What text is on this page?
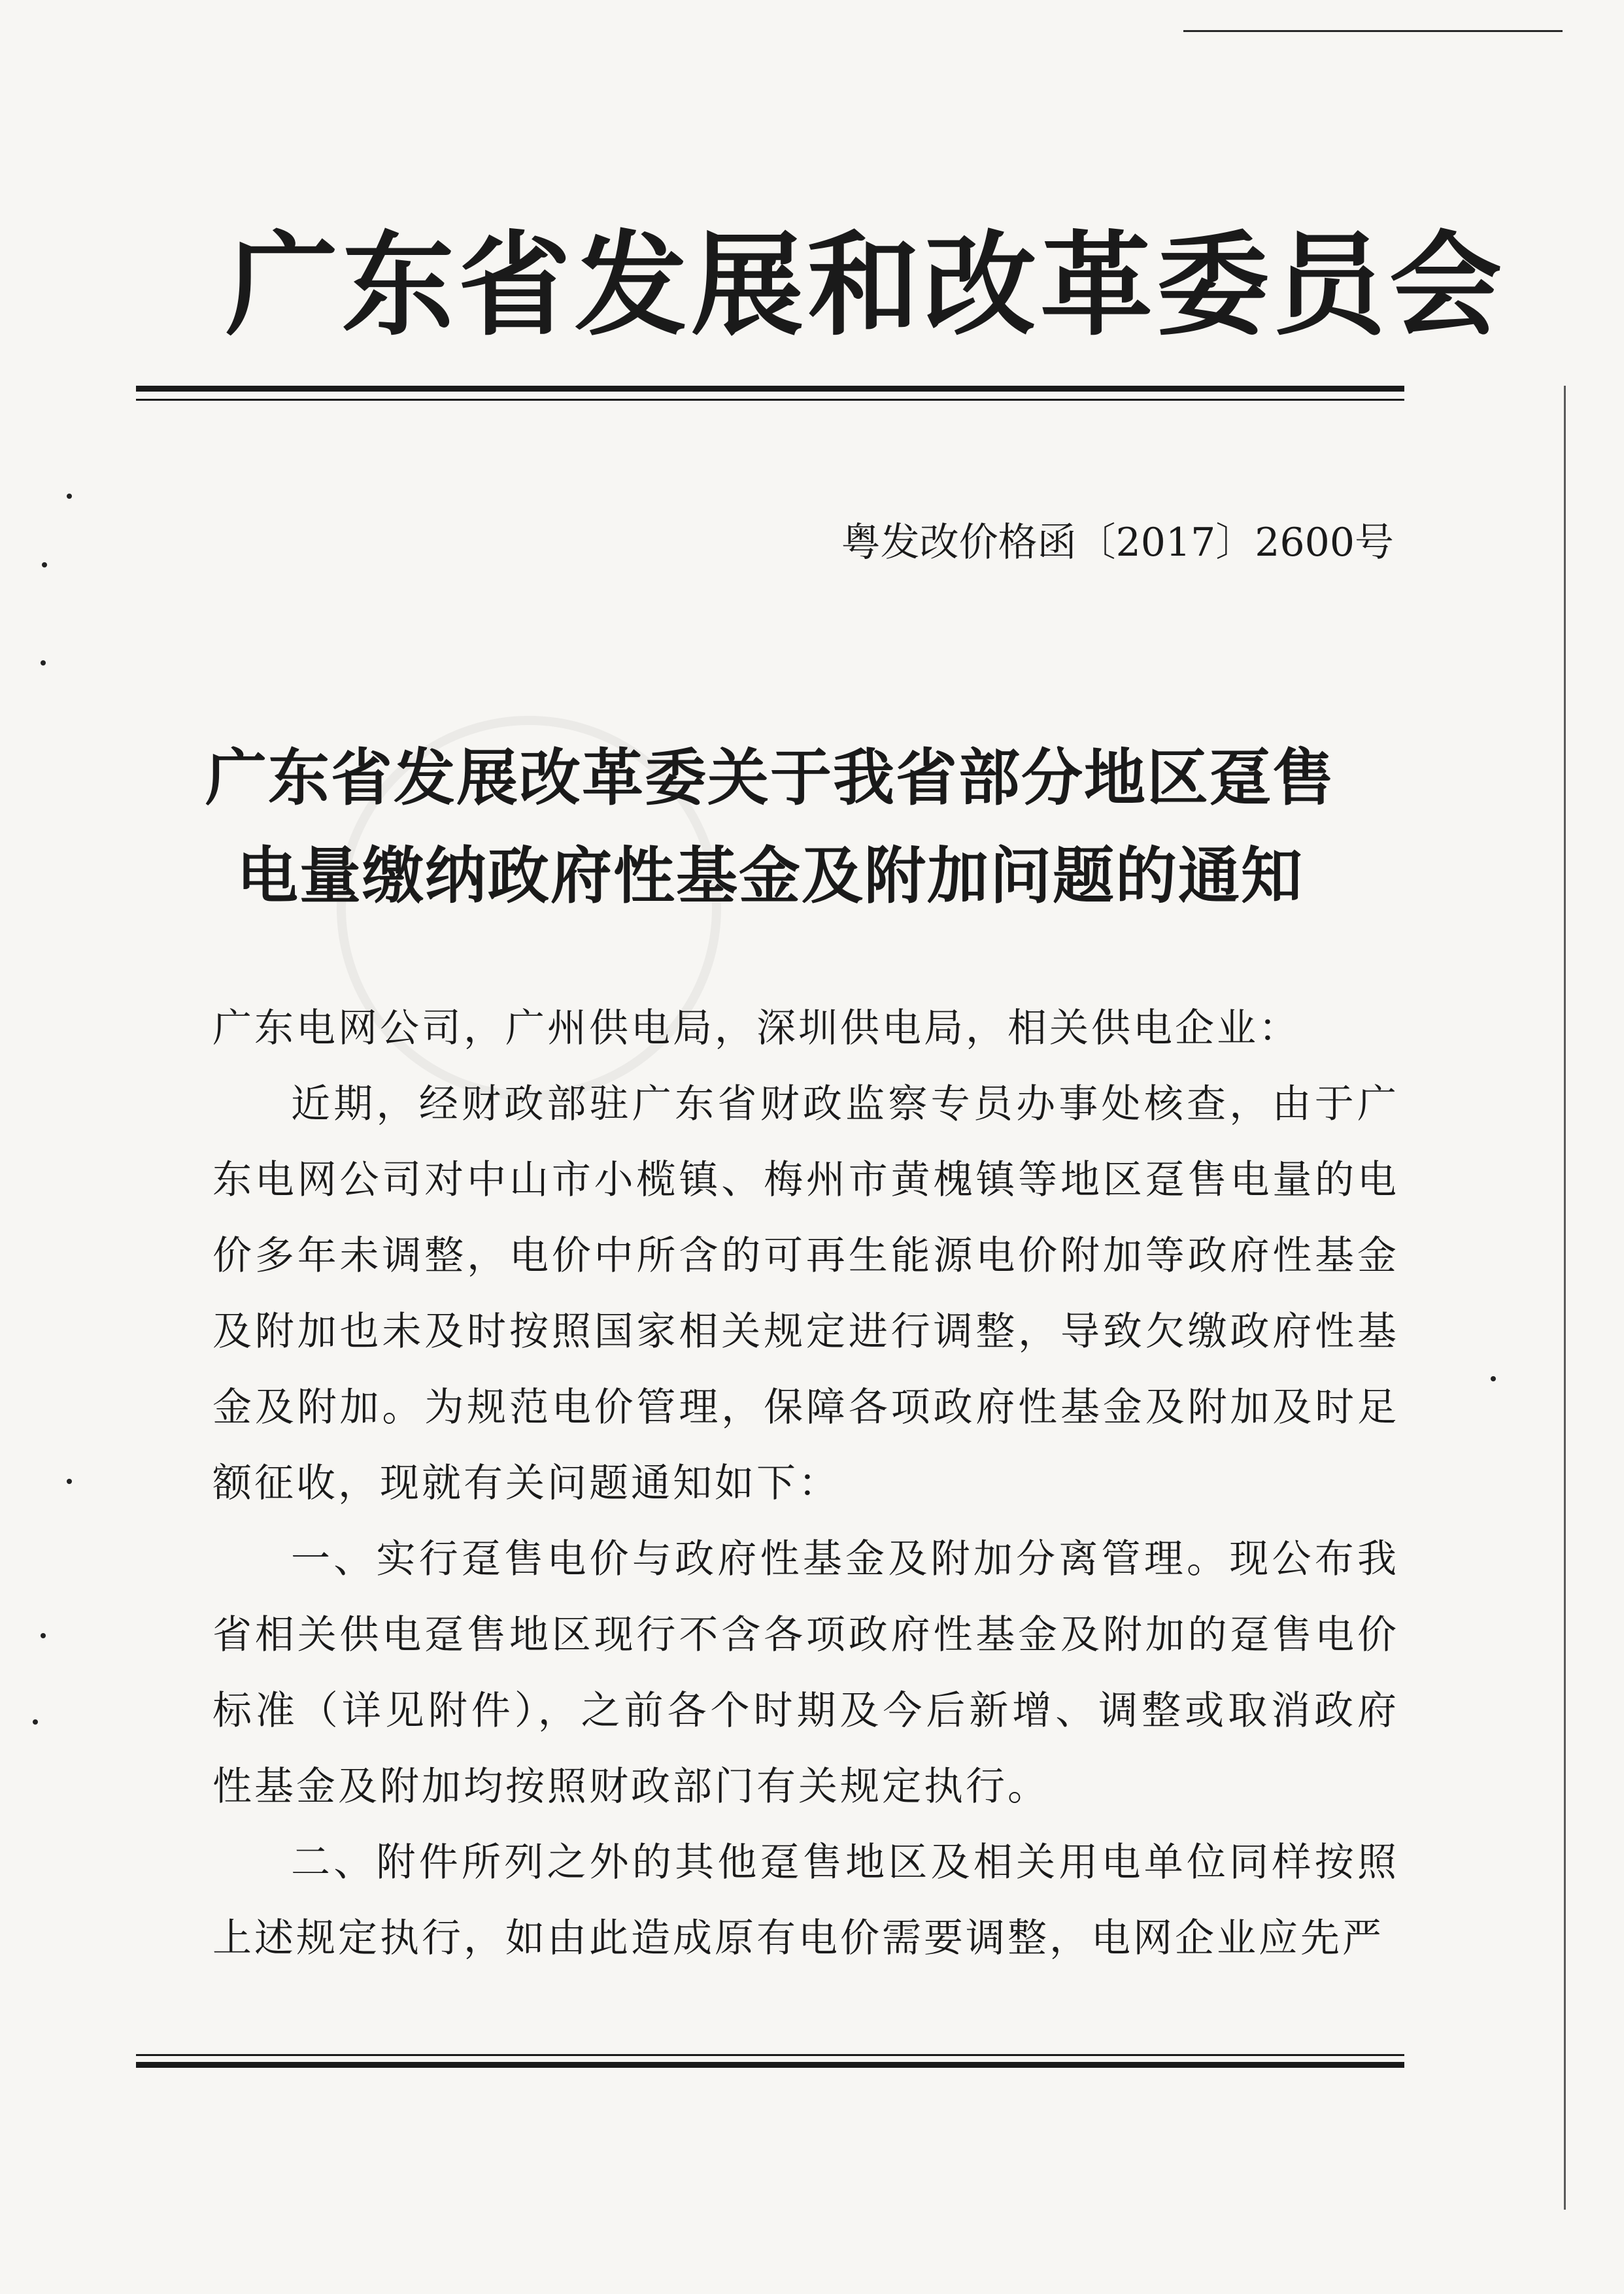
广东省发展和改革委员会
粤发改价格函〔2017〕2600号
广东省发展改革委关于我省部分地区趸售
电量缴纳政府性基金及附加问题的通知

广东电网公司，广州供电局，深圳供电局，相关供电企业：

近期，经财政部驻广东省财政监察专员办事处核查，由于广东电网公司对中山市小榄镇、梅州市黄槐镇等地区趸售电量的电价多年未调整，电价中所含的可再生能源电价附加等政府性基金及附加也未及时按照国家相关规定进行调整，导致欠缴政府性基金及附加。为规范电价管理，保障各项政府性基金及附加及时足额征收，现就有关问题通知如下：

一、实行趸售电价与政府性基金及附加分离管理。现公布我省相关供电趸售地区现行不含各项政府性基金及附加的趸售电价标准（详见附件），之前各个时期及今后新增、调整或取消政府性基金及附加均按照财政部门有关规定执行。

二、附件所列之外的其他趸售地区及相关用电单位同样按照上述规定执行，如由此造成原有电价需要调整，电网企业应先严
